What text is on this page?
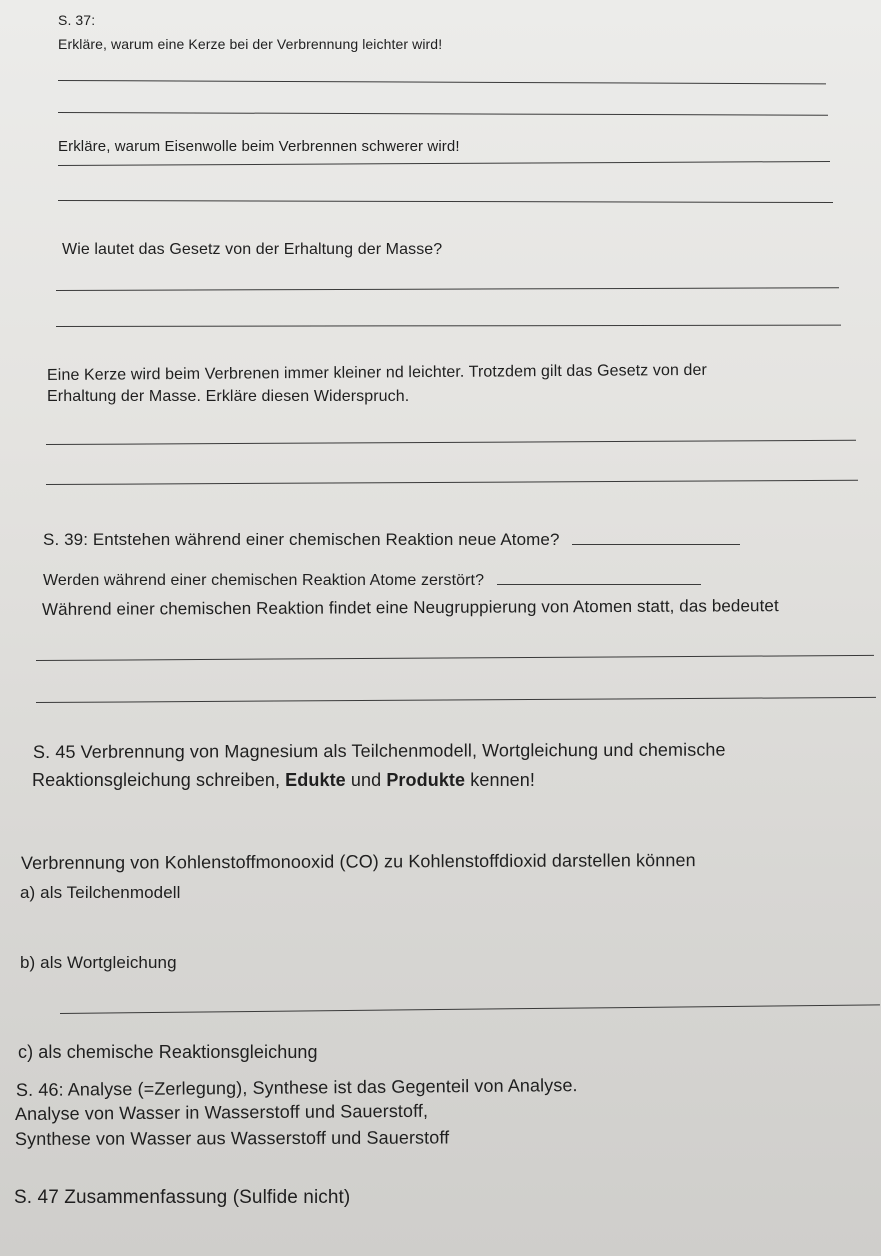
S. 37:
Erkläre, warum eine Kerze bei der Verbrennung leichter wird!
Erkläre, warum Eisenwolle beim Verbrennen schwerer wird!
Wie lautet das Gesetz von der Erhaltung der Masse?
Eine Kerze wird beim Verbrenen immer kleiner nd leichter. Trotzdem gilt das Gesetz von der
Erhaltung der Masse. Erkläre diesen Widerspruch.
S. 39: Entstehen während einer chemischen Reaktion neue Atome?
Werden während einer chemischen Reaktion Atome zerstört?
Während einer chemischen Reaktion findet eine Neugruppierung von Atomen statt, das bedeutet
S. 45 Verbrennung von Magnesium als Teilchenmodell, Wortgleichung und chemische
Reaktionsgleichung schreiben, Edukte und Produkte kennen!
Verbrennung von Kohlenstoffmonooxid (CO) zu Kohlenstoffdioxid darstellen können
a) als Teilchenmodell
b) als Wortgleichung
c) als chemische Reaktionsgleichung
S. 46: Analyse (=Zerlegung), Synthese ist das Gegenteil von Analyse.
Analyse von Wasser in Wasserstoff und Sauerstoff,
Synthese von Wasser aus Wasserstoff und Sauerstoff
S. 47 Zusammenfassung (Sulfide nicht)
